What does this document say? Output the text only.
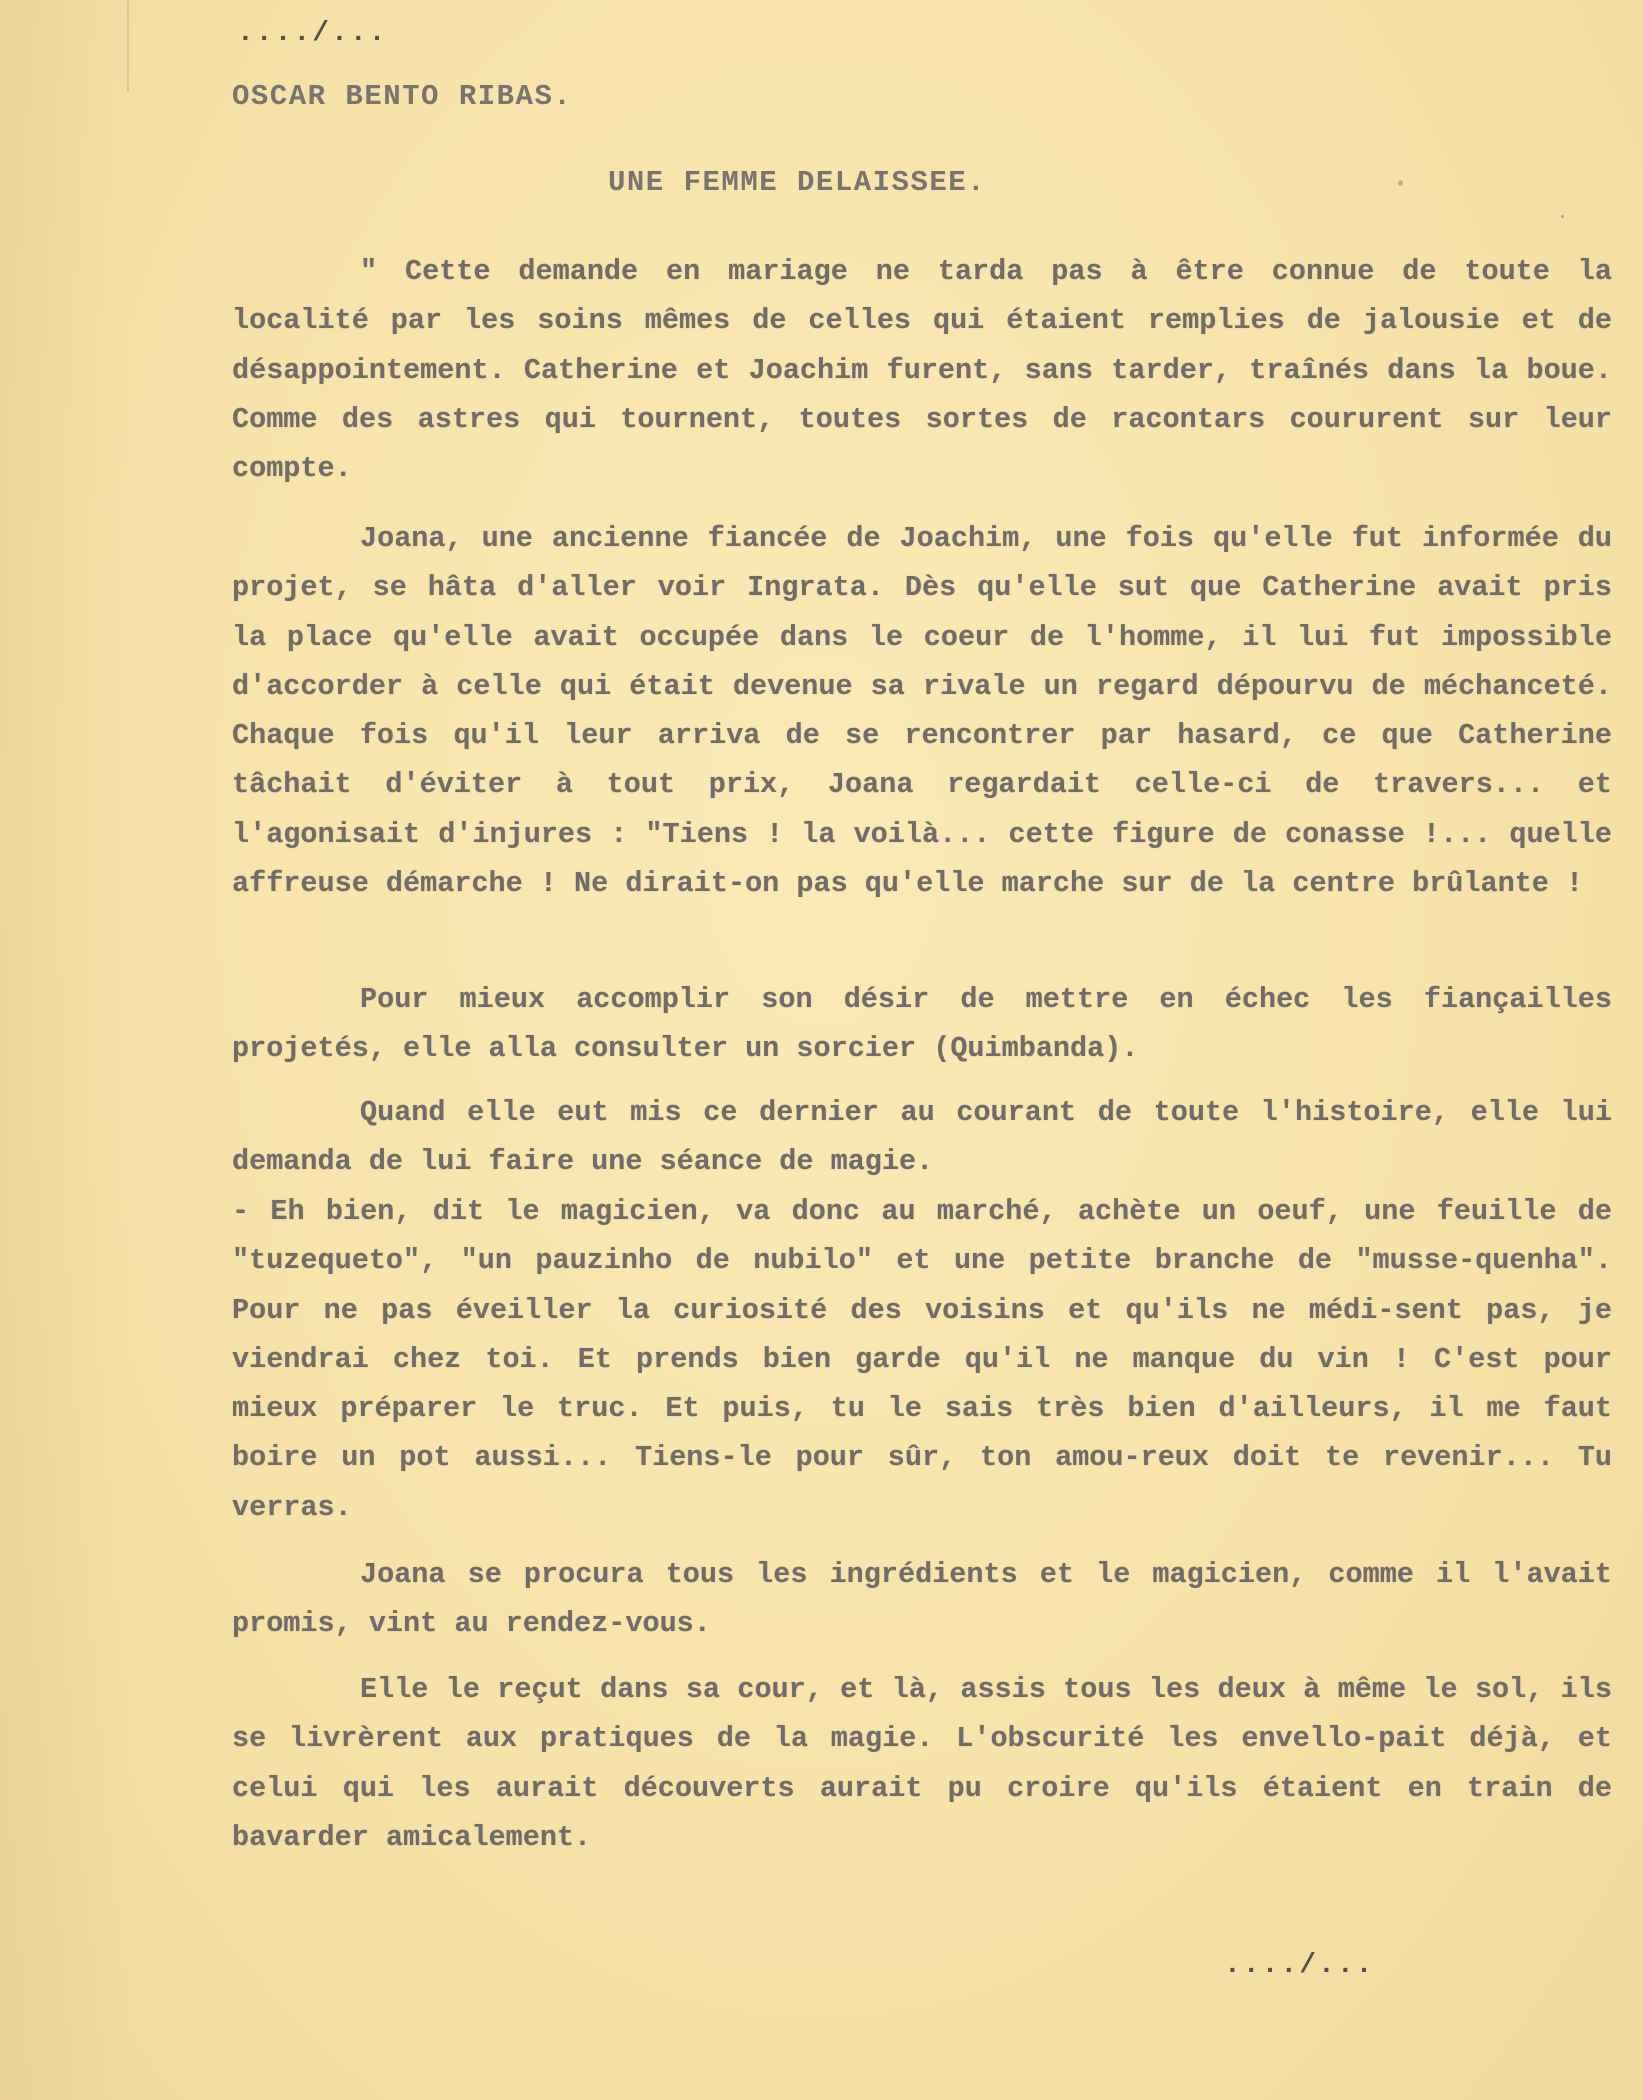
..../...
OSCAR BENTO RIBAS.
UNE FEMME DELAISSEE.

" Cette demande en mariage ne tarda pas à être connue de toute la localité par les soins mêmes de celles qui étaient remplies de jalousie et de désappointement. Catherine et Joachim furent, sans tarder, traînés dans la boue. Comme des astres qui tournent, toutes sortes de racontars coururent sur leur compte.

Joana, une ancienne fiancée de Joachim, une fois qu'elle fut informée du projet, se hâta d'aller voir Ingrata. Dès qu'elle sut que Catherine avait pris la place qu'elle avait occupée dans le coeur de l'homme, il lui fut impossible d'accorder à celle qui était devenue sa rivale un regard dépourvu de méchanceté. Chaque fois qu'il leur arriva de se rencontrer par hasard, ce que Catherine tâchait d'éviter à tout prix, Joana regardait celle-ci de travers... et l'agonisait d'injures : "Tiens ! la voilà... cette figure de conasse !... quelle affreuse démarche ! Ne dirait-on pas qu'elle marche sur de la centre brûlante !

Pour mieux accomplir son désir de mettre en échec les fiançailles projetés, elle alla consulter un sorcier (Quimbanda).

Quand elle eut mis ce dernier au courant de toute l'histoire, elle lui demanda de lui faire une séance de magie.

- Eh bien, dit le magicien, va donc au marché, achète un oeuf, une feuille de "tuzequeto", "un pauzinho de nubilo" et une petite branche de "musse-quenha". Pour ne pas éveiller la curiosité des voisins et qu'ils ne médi-sent pas, je viendrai chez toi. Et prends bien garde qu'il ne manque du vin ! C'est pour mieux préparer le truc. Et puis, tu le sais très bien d'ailleurs, il me faut boire un pot aussi... Tiens-le pour sûr, ton amou-reux doit te revenir... Tu verras.

Joana se procura tous les ingrédients et le magicien, comme il l'avait promis, vint au rendez-vous.

Elle le reçut dans sa cour, et là, assis tous les deux à même le sol, ils se livrèrent aux pratiques de la magie. L'obscurité les envello-pait déjà, et celui qui les aurait découverts aurait pu croire qu'ils étaient en train de bavarder amicalement.

..../...
